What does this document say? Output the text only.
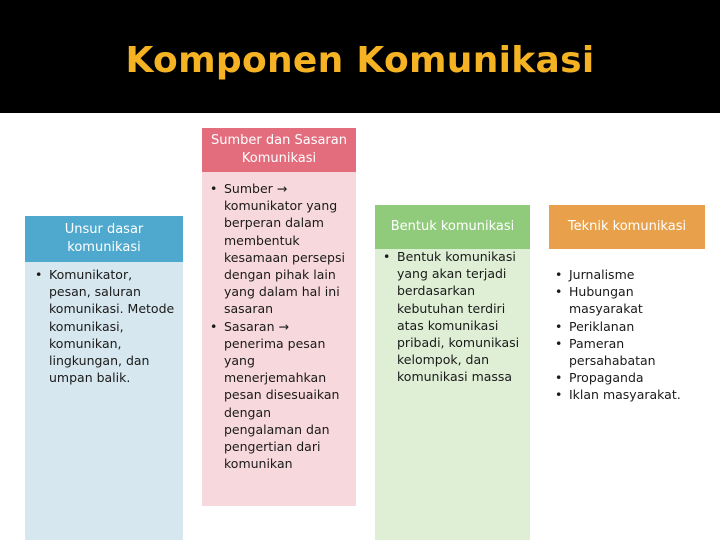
Komponen Komunikasi
• Komunikator, pesan, saluran komunikasi. Metode komunikasi, komunikan, lingkungan, dan umpan balik.
Unsur dasar komunikasi
Sumber dan Sasaran Komunikasi
• Sumber → komunikator yang berperan dalam membentuk kesamaan persepsi dengan pihak lain yang dalam hal ini sasaran
• Sasaran → penerima pesan yang menerjemahkan pesan disesuaikan dengan pengalaman dan pengertian dari komunikan
• Bentuk komunikasi yang akan terjadi berdasarkan kebutuhan terdiri atas komunikasi pribadi, komunikasi kelompok, dan komunikasi massa
Bentuk komunikasi
• Jurnalisme
• Hubungan masyarakat
• Periklanan
• Pameran persahabatan
• Propaganda
• Iklan masyarakat.
Teknik komunikasi
